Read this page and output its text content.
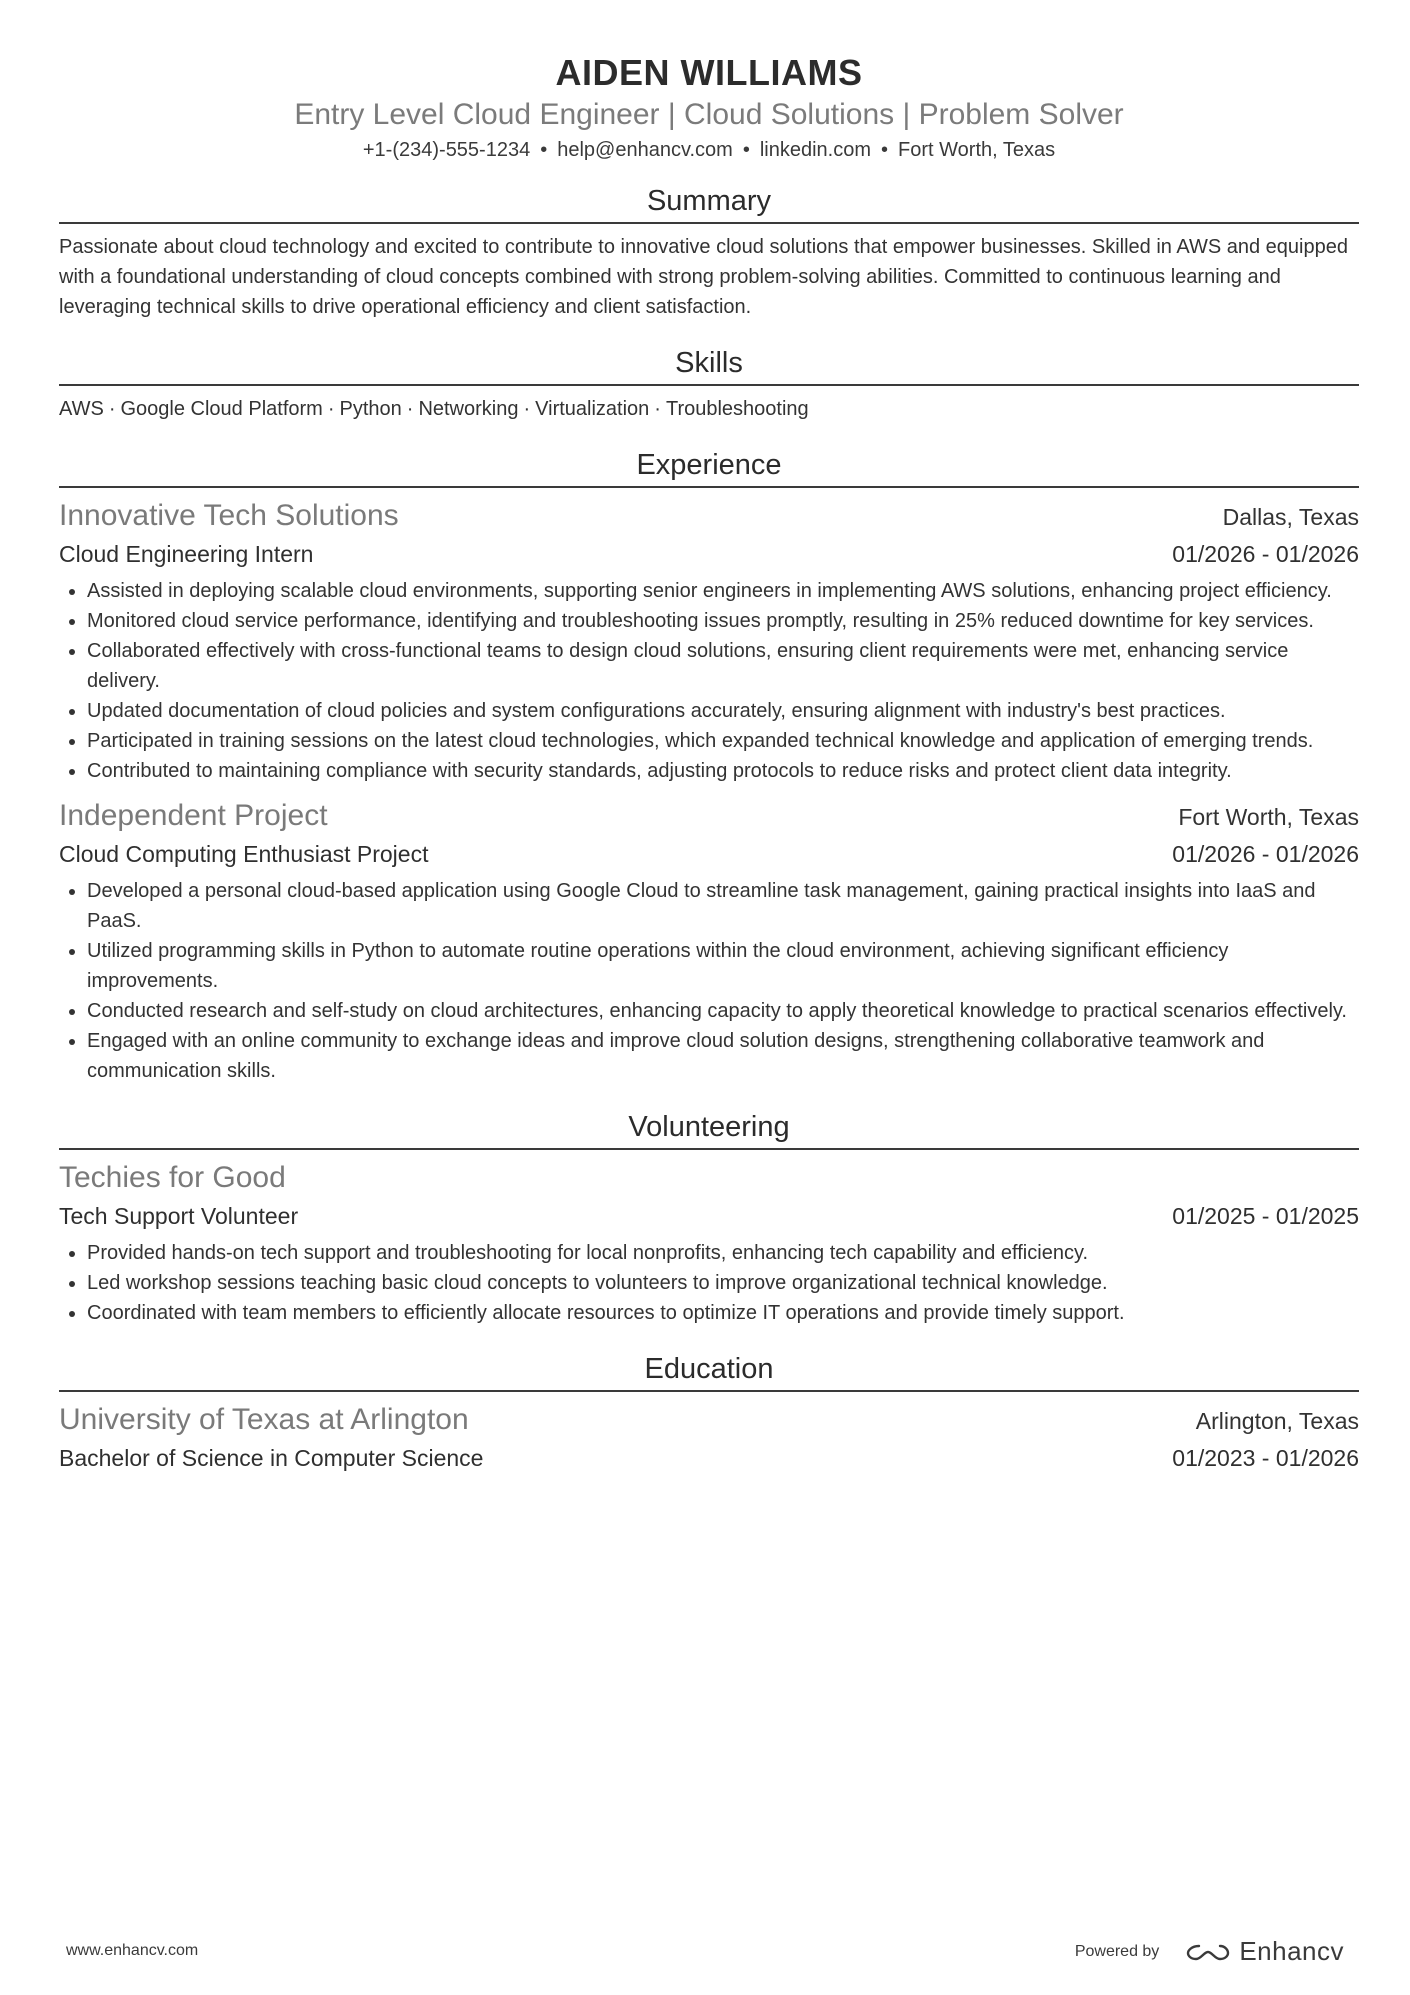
AIDEN WILLIAMS
Entry Level Cloud Engineer | Cloud Solutions | Problem Solver
+1-(234)-555-1234 • help@enhancv.com • linkedin.com • Fort Worth, Texas
Summary
Passionate about cloud technology and excited to contribute to innovative cloud solutions that empower businesses. Skilled in AWS and equipped with a foundational understanding of cloud concepts combined with strong problem-solving abilities. Committed to continuous learning and leveraging technical skills to drive operational efficiency and client satisfaction.
Skills
AWS · Google Cloud Platform · Python · Networking · Virtualization · Troubleshooting
Experience
Innovative Tech Solutions	Dallas, Texas
Cloud Engineering Intern	01/2026 - 01/2026
• Assisted in deploying scalable cloud environments, supporting senior engineers in implementing AWS solutions, enhancing project efficiency.
• Monitored cloud service performance, identifying and troubleshooting issues promptly, resulting in 25% reduced downtime for key services.
• Collaborated effectively with cross-functional teams to design cloud solutions, ensuring client requirements were met, enhancing service delivery.
• Updated documentation of cloud policies and system configurations accurately, ensuring alignment with industry's best practices.
• Participated in training sessions on the latest cloud technologies, which expanded technical knowledge and application of emerging trends.
• Contributed to maintaining compliance with security standards, adjusting protocols to reduce risks and protect client data integrity.
Independent Project	Fort Worth, Texas
Cloud Computing Enthusiast Project	01/2026 - 01/2026
• Developed a personal cloud-based application using Google Cloud to streamline task management, gaining practical insights into IaaS and PaaS.
• Utilized programming skills in Python to automate routine operations within the cloud environment, achieving significant efficiency improvements.
• Conducted research and self-study on cloud architectures, enhancing capacity to apply theoretical knowledge to practical scenarios effectively.
• Engaged with an online community to exchange ideas and improve cloud solution designs, strengthening collaborative teamwork and communication skills.
Volunteering
Techies for Good
Tech Support Volunteer	01/2025 - 01/2025
• Provided hands-on tech support and troubleshooting for local nonprofits, enhancing tech capability and efficiency.
• Led workshop sessions teaching basic cloud concepts to volunteers to improve organizational technical knowledge.
• Coordinated with team members to efficiently allocate resources to optimize IT operations and provide timely support.
Education
University of Texas at Arlington	Arlington, Texas
Bachelor of Science in Computer Science	01/2023 - 01/2026
www.enhancv.com	Powered by	Enhancv
